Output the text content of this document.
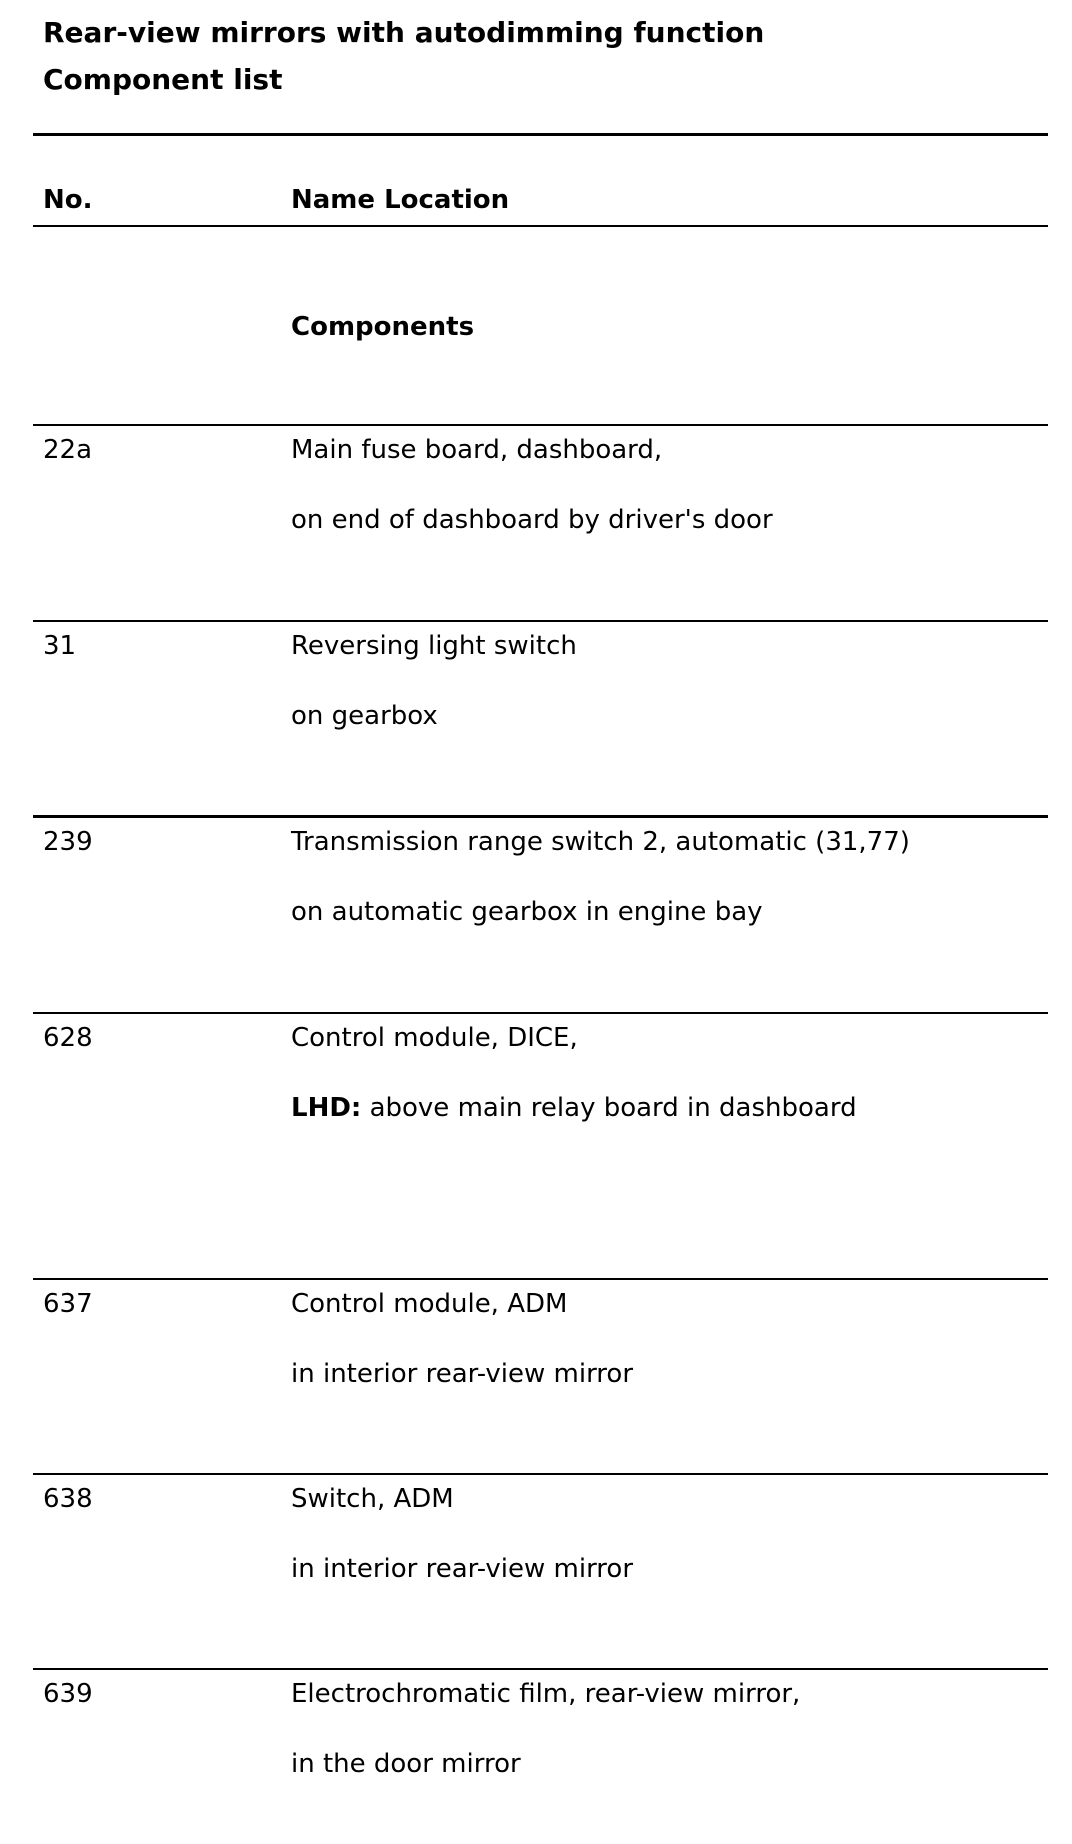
Rear-view mirrors with autodimming function
Component list
No.	Name Location
Components
22a	Main fuse board, dashboard,
on end of dashboard by driver's door
31	Reversing light switch
on gearbox
239	Transmission range switch 2, automatic (31,77)
on automatic gearbox in engine bay
628	Control module, DICE,
LHD: above main relay board in dashboard
637	Control module, ADM
in interior rear-view mirror
638	Switch, ADM
in interior rear-view mirror
639	Electrochromatic film, rear-view mirror,
in the door mirror
